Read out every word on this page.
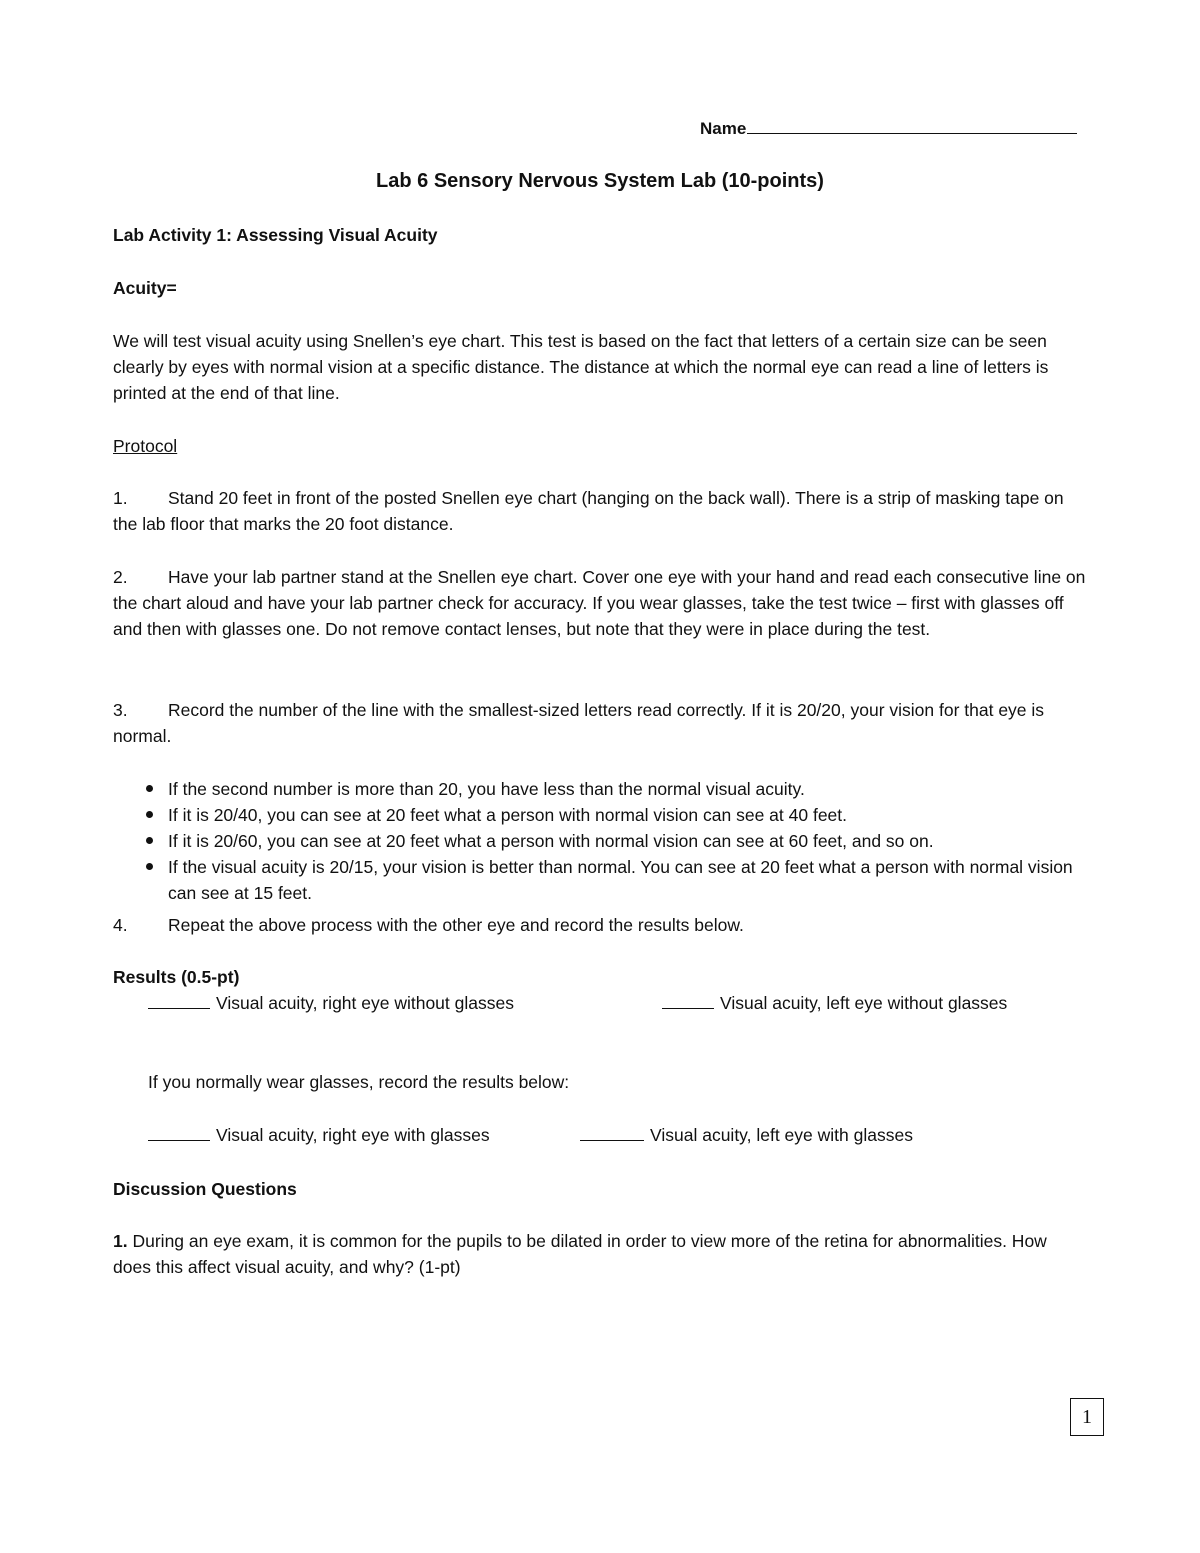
Name
Lab 6 Sensory Nervous System Lab (10-points)
Lab Activity 1: Assessing Visual Acuity
Acuity=
We will test visual acuity using Snellen’s eye chart. This test is based on the fact that letters of a certain size can be seen clearly by eyes with normal vision at a specific distance. The distance at which the normal eye can read a line of letters is printed at the end of that line.
Protocol
1. Stand 20 feet in front of the posted Snellen eye chart (hanging on the back wall). There is a strip of masking tape on the lab floor that marks the 20 foot distance.
2. Have your lab partner stand at the Snellen eye chart. Cover one eye with your hand and read each consecutive line on the chart aloud and have your lab partner check for accuracy. If you wear glasses, take the test twice – first with glasses off and then with glasses one. Do not remove contact lenses, but note that they were in place during the test.
3. Record the number of the line with the smallest-sized letters read correctly. If it is 20/20, your vision for that eye is normal.
If the second number is more than 20, you have less than the normal visual acuity.
If it is 20/40, you can see at 20 feet what a person with normal vision can see at 40 feet.
If it is 20/60, you can see at 20 feet what a person with normal vision can see at 60 feet, and so on.
If the visual acuity is 20/15, your vision is better than normal. You can see at 20 feet what a person with normal vision can see at 15 feet.
4. Repeat the above process with the other eye and record the results below.
Results (0.5-pt)
Visual acuity, right eye without glasses	Visual acuity, left eye without glasses
If you normally wear glasses, record the results below:
Visual acuity, right eye with glasses	Visual acuity, left eye with glasses
Discussion Questions
1. During an eye exam, it is common for the pupils to be dilated in order to view more of the retina for abnormalities. How does this affect visual acuity, and why? (1-pt)
1
